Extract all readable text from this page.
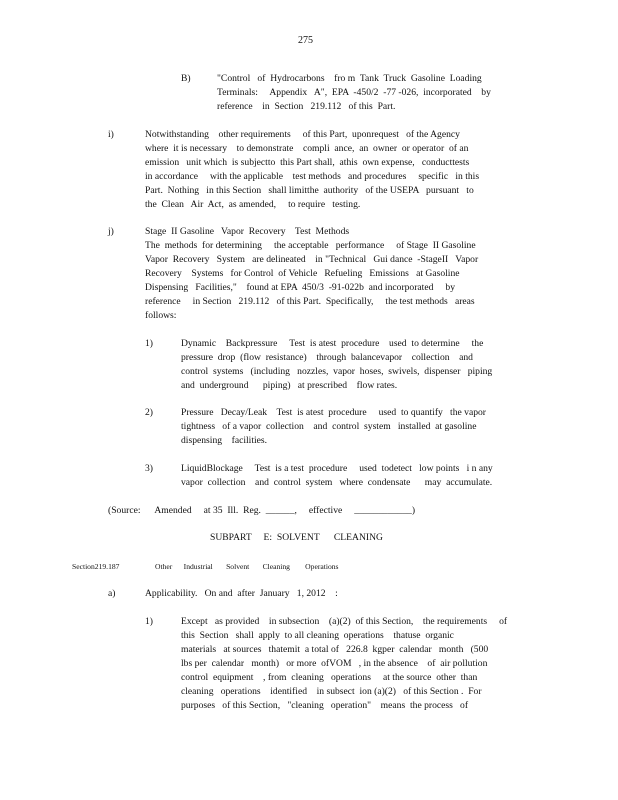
275
B)	"Control   of  Hydrocarbons    fro m  Tank  Truck  Gasoline  Loading
Terminals:     Appendix   A",  EPA  -450/2  -77 -026,  incorporated    by
reference    in  Section   219.112   of this  Part.
i)	Notwithstanding    other requirements     of this Part,  uponrequest   of the Agency
where  it is necessary    to demonstrate    compli  ance,  an  owner  or operator  of an
emission   unit which  is subjectto  this Part shall,  athis  own expense,   conducttests
in accordance     with the applicable    test methods   and procedures     specific   in this
Part.  Nothing   in this Section   shall limitthe  authority   of the USEPA   pursuant   to
the  Clean   Air  Act,  as amended,     to require   testing.
j)	Stage  II Gasoline   Vapor  Recovery    Test  Methods
The  methods  for determining     the acceptable   performance     of Stage  II Gasoline
Vapor  Recovery   System   are delineated    in "Technical   Gui dance  -StageII   Vapor
Recovery    Systems   for Control  of Vehicle   Refueling   Emissions   at Gasoline
Dispensing   Facilities,"    found at EPA  450/3  -91-022b  and incorporated     by
reference     in Section   219.112   of this Part.  Specifically,     the test methods   areas
follows:
1)	Dynamic    Backpressure     Test  is atest  procedure    used  to determine     the
pressure  drop  (flow  resistance)    through  balancevapor    collection    and
control  systems   (including   nozzles,  vapor  hoses,  swivels,  dispenser   piping
and  underground      piping)   at prescribed    flow rates.
2)	Pressure   Decay/Leak    Test  is atest  procedure     used  to quantify   the vapor
tightness   of a vapor  collection    and  control  system   installed  at gasoline
dispensing    facilities.
3)	LiquidBlockage     Test  is a test  procedure     used  todetect   low points   i n any
vapor  collection    and  control  system   where  condensate      may  accumulate.
(Source:      Amended     at 35  Ill.  Reg.  ______,     effective     ____________)
SUBPART     E:  SOLVENT      CLEANING
Section219.187	Other      Industrial       Solvent       Cleaning        Operations
a)	Applicability.   On and  after  January   1, 2012    :
1)	Except   as provided    in subsection    (a)(2)  of this Section,    the requirements     of
this  Section   shall  apply  to all cleaning  operations    thatuse  organic
materials   at sources   thatemit  a total of   226.8  kgper  calendar   month   (500
lbs per  calendar   month)   or more  ofVOM   , in the absence    of  air pollution
control  equipment    , from  cleaning   operations     at the source  other  than
cleaning   operations    identified    in subsect  ion (a)(2)   of this Section .  For
purposes   of this Section,   "cleaning   operation"    means  the process   of
